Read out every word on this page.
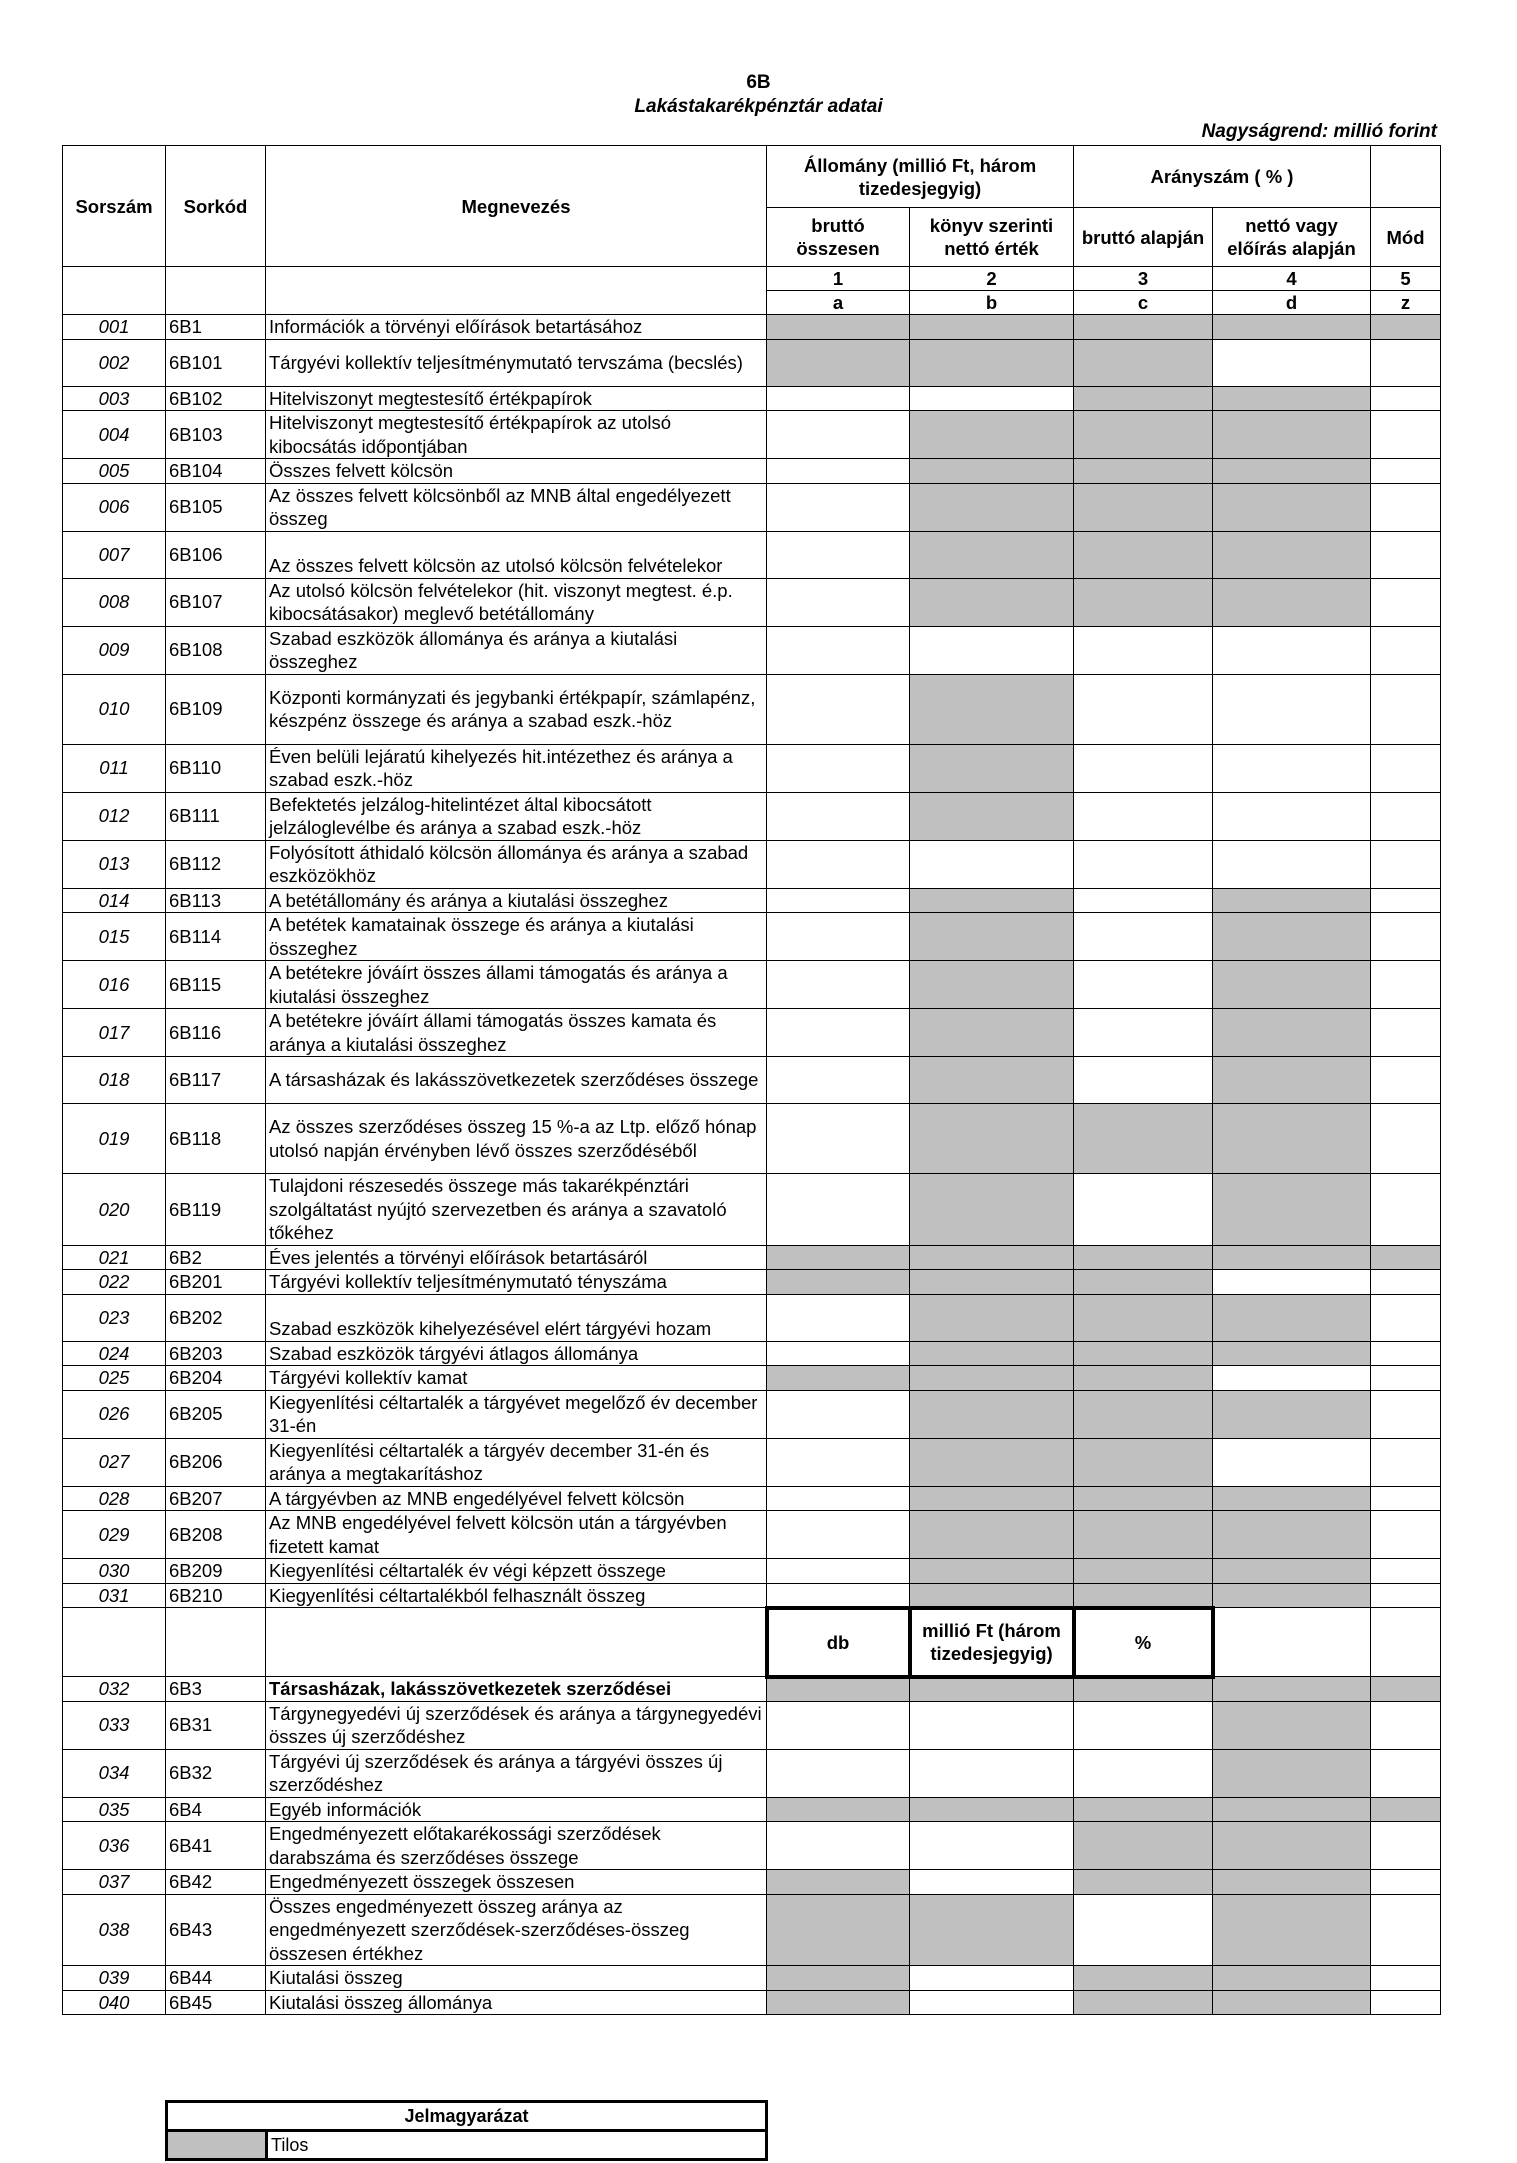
6B
Lakástakarékpénztár adatai
Nagyságrend: millió forint
Sorszám	Sorkód	Megnevezés	Állomány (millió Ft, három tizedesjegyig)		Arányszám ( % )		
			bruttó összesen	könyv szerinti nettó érték	bruttó alapján	nettó vagy előírás alapján	Mód
			1	2	3	4	5
			a	b	c	d	z
001	6B1	Információk a törvényi előírások betartásához					
002	6B101	Tárgyévi kollektív teljesítménymutató tervszáma (becslés)					
003	6B102	Hitelviszonyt megtestesítő értékpapírok					
004	6B103	Hitelviszonyt megtestesítő értékpapírok az utolsó kibocsátás időpontjában					
005	6B104	Összes felvett kölcsön					
006	6B105	Az összes felvett kölcsönből az MNB által engedélyezett összeg					
007	6B106	Az összes felvett kölcsön az utolsó kölcsön felvételekor					
008	6B107	Az utolsó kölcsön felvételekor (hit. viszonyt megtest. é.p. kibocsátásakor) meglevő betétállomány					
009	6B108	Szabad eszközök állománya és aránya a kiutalási összeghez					
010	6B109	Központi kormányzati és jegybanki értékpapír, számlapénz, készpénz összege és aránya a szabad eszk.-höz					
011	6B110	Éven belüli lejáratú kihelyezés hit.intézethez és aránya a szabad eszk.-höz					
012	6B111	Befektetés jelzálog-hitelintézet által kibocsátott jelzáloglevélbe és aránya a szabad eszk.-höz					
013	6B112	Folyósított áthidaló kölcsön állománya és aránya a szabad eszközökhöz					
014	6B113	A betétállomány és aránya a kiutalási összeghez					
015	6B114	A betétek kamatainak összege és aránya a kiutalási összeghez					
016	6B115	A betétekre jóváírt összes állami támogatás és aránya a kiutalási összeghez					
017	6B116	A betétekre jóváírt állami támogatás összes kamata és aránya a kiutalási összeghez					
018	6B117	A társasházak és lakásszövetkezetek szerződéses összege					
019	6B118	Az összes szerződéses összeg 15 %-a az Ltp. előző hónap utolsó napján érvényben lévő összes szerződéséből					
020	6B119	Tulajdoni részesedés összege más takarékpénztári szolgáltatást nyújtó szervezetben és aránya a szavatoló tőkéhez					
021	6B2	Éves jelentés a törvényi előírások betartásáról					
022	6B201	Tárgyévi kollektív teljesítménymutató tényszáma					
023	6B202	Szabad eszközök kihelyezésével elért tárgyévi hozam					
024	6B203	Szabad eszközök tárgyévi átlagos állománya					
025	6B204	Tárgyévi kollektív kamat					
026	6B205	Kiegyenlítési céltartalék a tárgyévet megelőző év december 31-én					
027	6B206	Kiegyenlítési céltartalék a tárgyév december 31-én és aránya a megtakarításhoz					
028	6B207	A tárgyévben az MNB engedélyével felvett kölcsön					
029	6B208	Az MNB engedélyével felvett kölcsön után a tárgyévben fizetett kamat					
030	6B209	Kiegyenlítési céltartalék év végi képzett összege					
031	6B210	Kiegyenlítési céltartalékból felhasznált összeg					
			db	millió Ft (három tizedesjegyig)	%		
032	6B3	Társasházak, lakásszövetkezetek szerződései					
033	6B31	Tárgynegyedévi új szerződések és aránya a tárgynegyedévi összes új szerződéshez					
034	6B32	Tárgyévi új szerződések és aránya a tárgyévi összes új szerződéshez					
035	6B4	Egyéb információk					
036	6B41	Engedményezett előtakarékossági szerződések darabszáma és szerződéses összege					
037	6B42	Engedményezett összegek összesen					
038	6B43	Összes engedményezett összeg aránya az engedményezett szerződések-szerződéses-összeg összesen értékhez					
039	6B44	Kiutalási összeg					
040	6B45	Kiutalási összeg állománya					
Jelmagyarázat
	Tilos
